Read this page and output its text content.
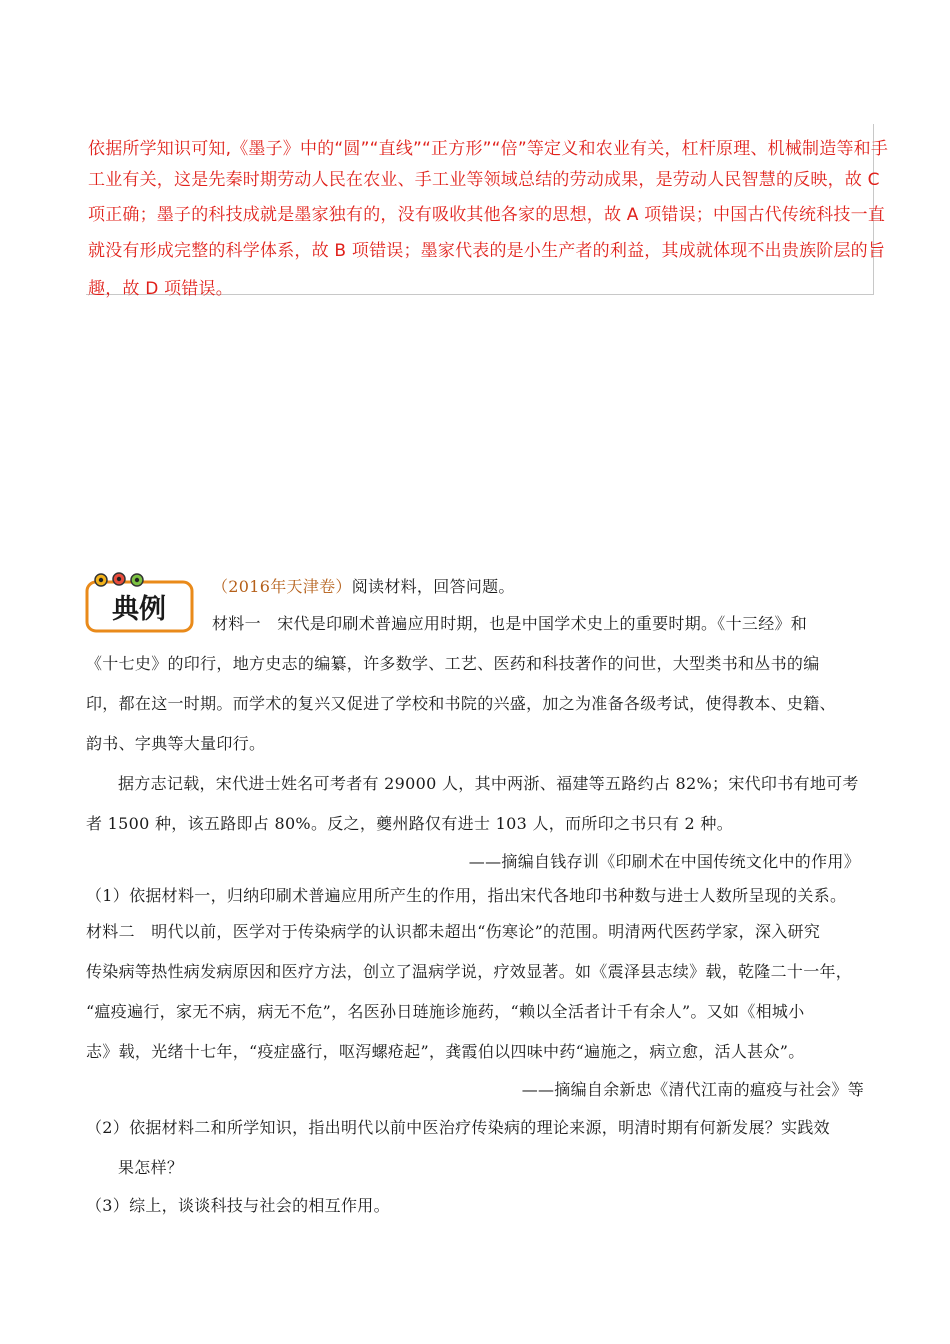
依据所学知识可知,《墨子》中的“圆”“直线”“正方形”“倍”等定义和农业有关，杠杆原理、机械制造等和手
工业有关，这是先秦时期劳动人民在农业、手工业等领域总结的劳动成果，是劳动人民智慧的反映，故 C
项正确；墨子的科技成就是墨家独有的，没有吸收其他各家的思想，故 A 项错误；中国古代传统科技一直
就没有形成完整的科学体系，故 B 项错误；墨家代表的是小生产者的利益，其成就体现不出贵族阶层的旨
趣，故 D 项错误。
典例
（2016年天津卷）阅读材料，回答问题。
材料一　宋代是印刷术普遍应用时期，也是中国学术史上的重要时期。《十三经》和
《十七史》的印行，地方史志的编纂，许多数学、工艺、医药和科技著作的问世，大型类书和丛书的编
印，都在这一时期。而学术的复兴又促进了学校和书院的兴盛，加之为准备各级考试，使得教本、史籍、
韵书、字典等大量印行。
据方志记载，宋代进士姓名可考者有 29000 人，其中两浙、福建等五路约占 82%；宋代印书有地可考
者 1500 种，该五路即占 80%。反之，夔州路仅有进士 103 人，而所印之书只有 2 种。
——摘编自钱存训《印刷术在中国传统文化中的作用》
（1）依据材料一，归纳印刷术普遍应用所产生的作用，指出宋代各地印书种数与进士人数所呈现的关系。
材料二　明代以前，医学对于传染病学的认识都未超出“伤寒论”的范围。明清两代医药学家，深入研究
传染病等热性病发病原因和医疗方法，创立了温病学说，疗效显著。如《震泽县志续》载，乾隆二十一年，
“瘟疫遍行，家无不病，病无不危”，名医孙日琏施诊施药，“赖以全活者计千有余人”。又如《相城小
志》载，光绪十七年，“疫症盛行，呕泻螺疮起”，龚霞伯以四味中药“遍施之，病立愈，活人甚众”。
——摘编自余新忠《清代江南的瘟疫与社会》等
（2）依据材料二和所学知识，指出明代以前中医治疗传染病的理论来源，明清时期有何新发展？实践效
果怎样？
（3）综上，谈谈科技与社会的相互作用。
